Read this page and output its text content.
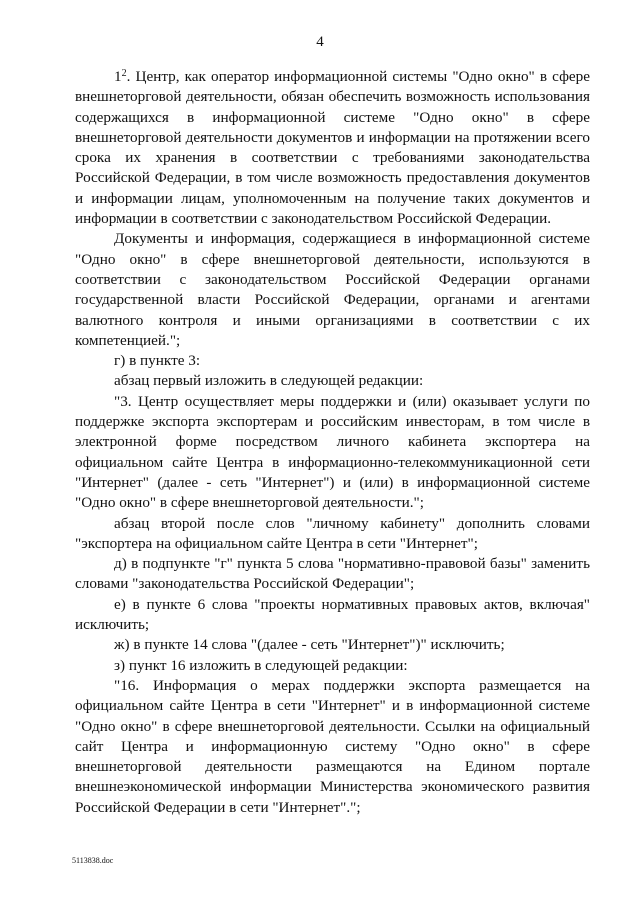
4

$1^2$. Центр, как оператор информационной системы "Одно окно" в сфере внешнеторговой деятельности, обязан обеспечить возможность использования содержащихся в информационной системе "Одно окно" в сфере внешнеторговой деятельности документов и информации на протяжении всего срока их хранения в соответствии с требованиями законодательства Российской Федерации, в том числе возможность предоставления документов и информации лицам, уполномоченным на получение таких документов и информации в соответствии с законодательством Российской Федерации.

Документы и информация, содержащиеся в информационной системе "Одно окно" в сфере внешнеторговой деятельности, используются в соответствии с законодательством Российской Федерации органами государственной власти Российской Федерации, органами и агентами валютного контроля и иными организациями в соответствии с их компетенцией.";

г) в пункте 3:

абзац первый изложить в следующей редакции:

"3. Центр осуществляет меры поддержки и (или) оказывает услуги по поддержке экспорта экспортерам и российским инвесторам, в том числе в электронной форме посредством личного кабинета экспортера на официальном сайте Центра в информационно-телекоммуникационной сети "Интернет" (далее - сеть "Интернет") и (или) в информационной системе "Одно окно" в сфере внешнеторговой деятельности.";

абзац второй после слов "личному кабинету" дополнить словами "экспортера на официальном сайте Центра в сети "Интернет";

д) в подпункте "г" пункта 5 слова "нормативно-правовой базы" заменить словами "законодательства Российской Федерации";

е) в пункте 6 слова "проекты нормативных правовых актов, включая" исключить;

ж) в пункте 14 слова "(далее - сеть "Интернет")" исключить;

з) пункт 16 изложить в следующей редакции:

"16. Информация о мерах поддержки экспорта размещается на официальном сайте Центра в сети "Интернет" и в информационной системе "Одно окно" в сфере внешнеторговой деятельности. Ссылки на официальный сайт Центра и информационную систему "Одно окно" в сфере внешнеторговой деятельности размещаются на Едином портале внешнеэкономической информации Министерства экономического развития Российской Федерации в сети "Интернет".";

5113838.doc
